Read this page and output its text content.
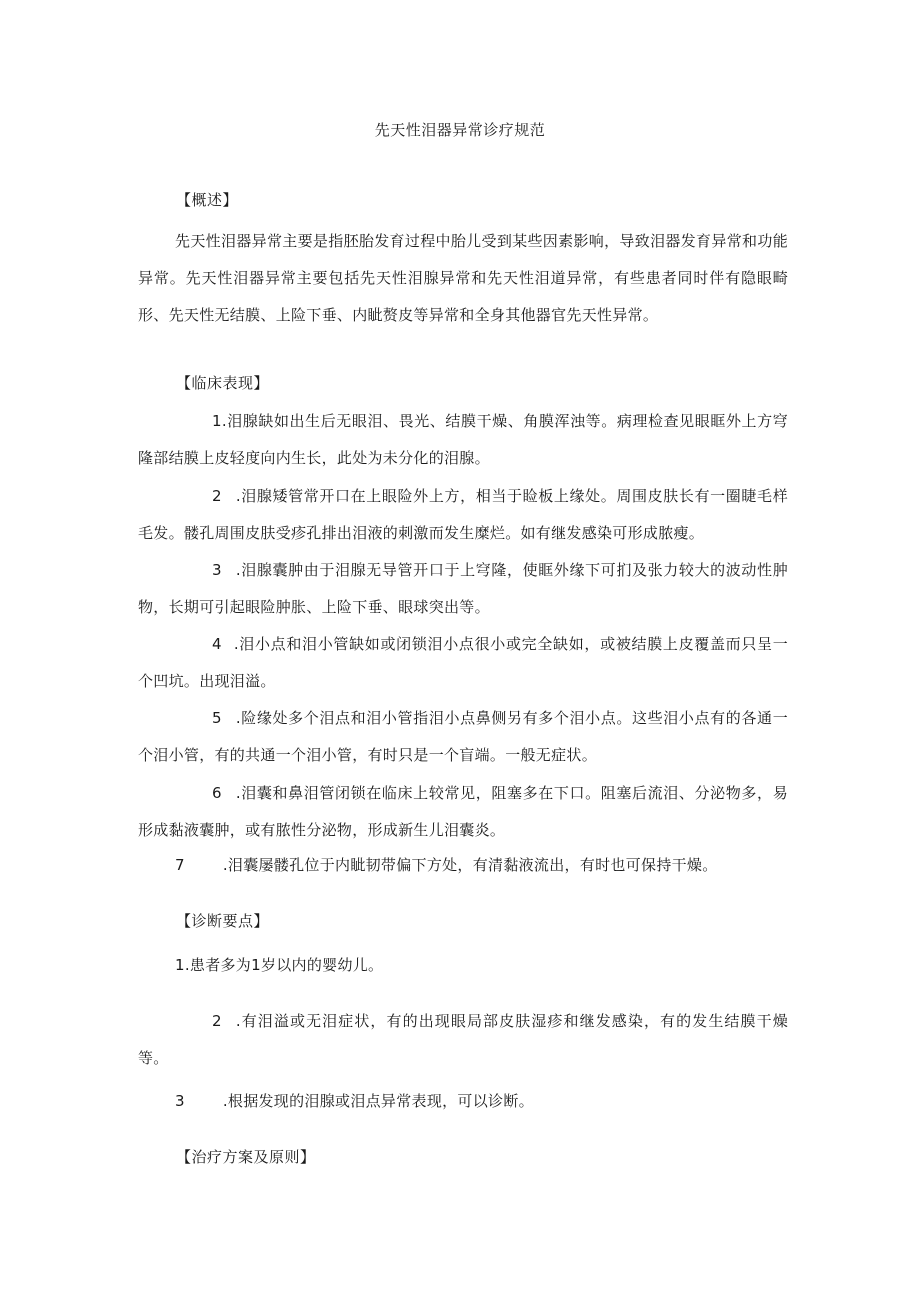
先天性泪器异常诊疗规范
【概述】
先天性泪器异常主要是指胚胎发育过程中胎儿受到某些因素影响，导致泪器发育异常和功能异常。先天性泪器异常主要包括先天性泪腺异常和先天性泪道异常，有些患者同时伴有隐眼畸形、先天性无结膜、上险下垂、内眦赘皮等异常和全身其他器官先天性异常。
【临床表现】
1.泪腺缺如出生后无眼泪、畏光、结膜干燥、角膜浑浊等。病理检查见眼眶外上方穹隆部结膜上皮轻度向内生长，此处为未分化的泪腺。
2 .泪腺矮管常开口在上眼险外上方，相当于睑板上缘处。周围皮肤长有一圈睫毛样毛发。髅孔周围皮肤受疹孔排出泪液的刺激而发生糜烂。如有继发感染可形成脓瘦。
3 .泪腺囊肿由于泪腺无导管开口于上穹隆，使眶外缘下可扪及张力较大的波动性肿物，长期可引起眼险肿胀、上险下垂、眼球突出等。
4 .泪小点和泪小管缺如或闭锁泪小点很小或完全缺如，或被结膜上皮覆盖而只呈一个凹坑。出现泪溢。
5 .险缘处多个泪点和泪小管指泪小点鼻侧另有多个泪小点。这些泪小点有的各通一个泪小管，有的共通一个泪小管，有时只是一个盲端。一般无症状。
6 .泪囊和鼻泪管闭锁在临床上较常见，阻塞多在下口。阻塞后流泪、分泌物多，易形成黏液囊肿，或有脓性分泌物，形成新生儿泪囊炎。
7	.泪囊屡髅孔位于内眦韧带偏下方处，有清黏液流出，有时也可保持干燥。
【诊断要点】
1.患者多为1岁以内的婴幼儿。
2 .有泪溢或无泪症状，有的出现眼局部皮肤湿疹和继发感染，有的发生结膜干燥等。
3	.根据发现的泪腺或泪点异常表现，可以诊断。
【治疗方案及原则】
